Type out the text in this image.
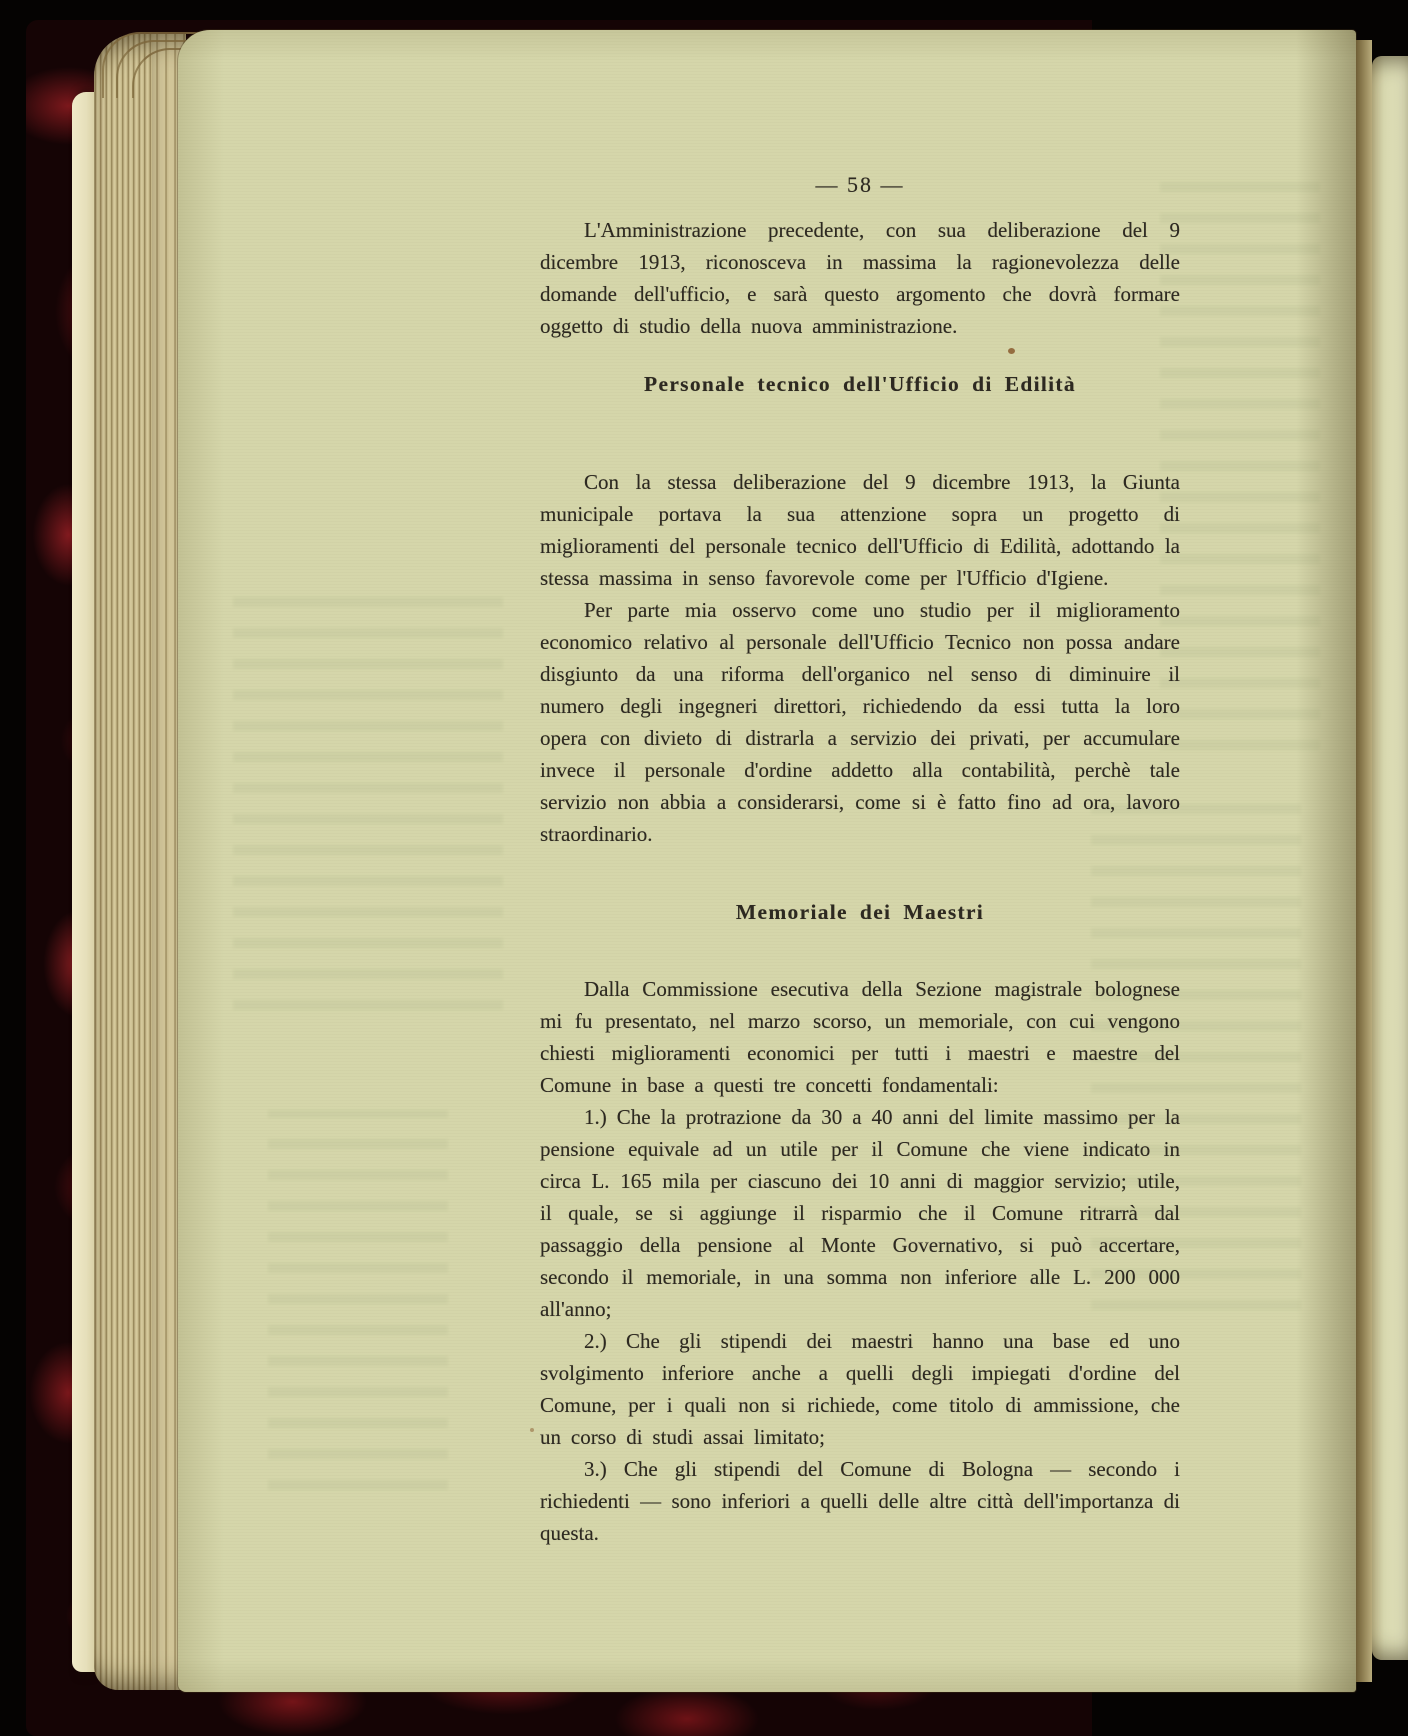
— 58 —

L'Amministrazione precedente, con sua deliberazione del 9 dicembre 1913, riconosceva in massima la ragionevolezza delle domande dell'ufficio, e sarà questo argomento che dovrà formare oggetto di studio della nuova amministrazione.

Personale tecnico dell'Ufficio di Edilità

Con la stessa deliberazione del 9 dicembre 1913, la Giunta municipale portava la sua attenzione sopra un progetto di miglioramenti del personale tecnico dell'Ufficio di Edilità, adottando la stessa massima in senso favorevole come per l'Ufficio d'Igiene.

Per parte mia osservo come uno studio per il miglioramento economico relativo al personale dell'Ufficio Tecnico non possa andare disgiunto da una riforma dell'organico nel senso di diminuire il numero degli ingegneri direttori, richiedendo da essi tutta la loro opera con divieto di distrarla a servizio dei privati, per accumulare invece il personale d'ordine addetto alla contabilità, perchè tale servizio non abbia a considerarsi, come si è fatto fino ad ora, lavoro straordinario.

Memoriale dei Maestri

Dalla Commissione esecutiva della Sezione magistrale bolognese mi fu presentato, nel marzo scorso, un memoriale, con cui vengono chiesti miglioramenti economici per tutti i maestri e maestre del Comune in base a questi tre concetti fondamentali:

1.) Che la protrazione da 30 a 40 anni del limite massimo per la pensione equivale ad un utile per il Comune che viene indicato in circa L. 165 mila per ciascuno dei 10 anni di maggior servizio; utile, il quale, se si aggiunge il risparmio che il Comune ritrarrà dal passaggio della pensione al Monte Governativo, si può accertare, secondo il memoriale, in una somma non inferiore alle L. 200 000 all'anno;

2.) Che gli stipendi dei maestri hanno una base ed uno svolgimento inferiore anche a quelli degli impiegati d'ordine del Comune, per i quali non si richiede, come titolo di ammissione, che un corso di studi assai limitato;

3.) Che gli stipendi del Comune di Bologna — secondo i richiedenti — sono inferiori a quelli delle altre città dell'importanza di questa.
